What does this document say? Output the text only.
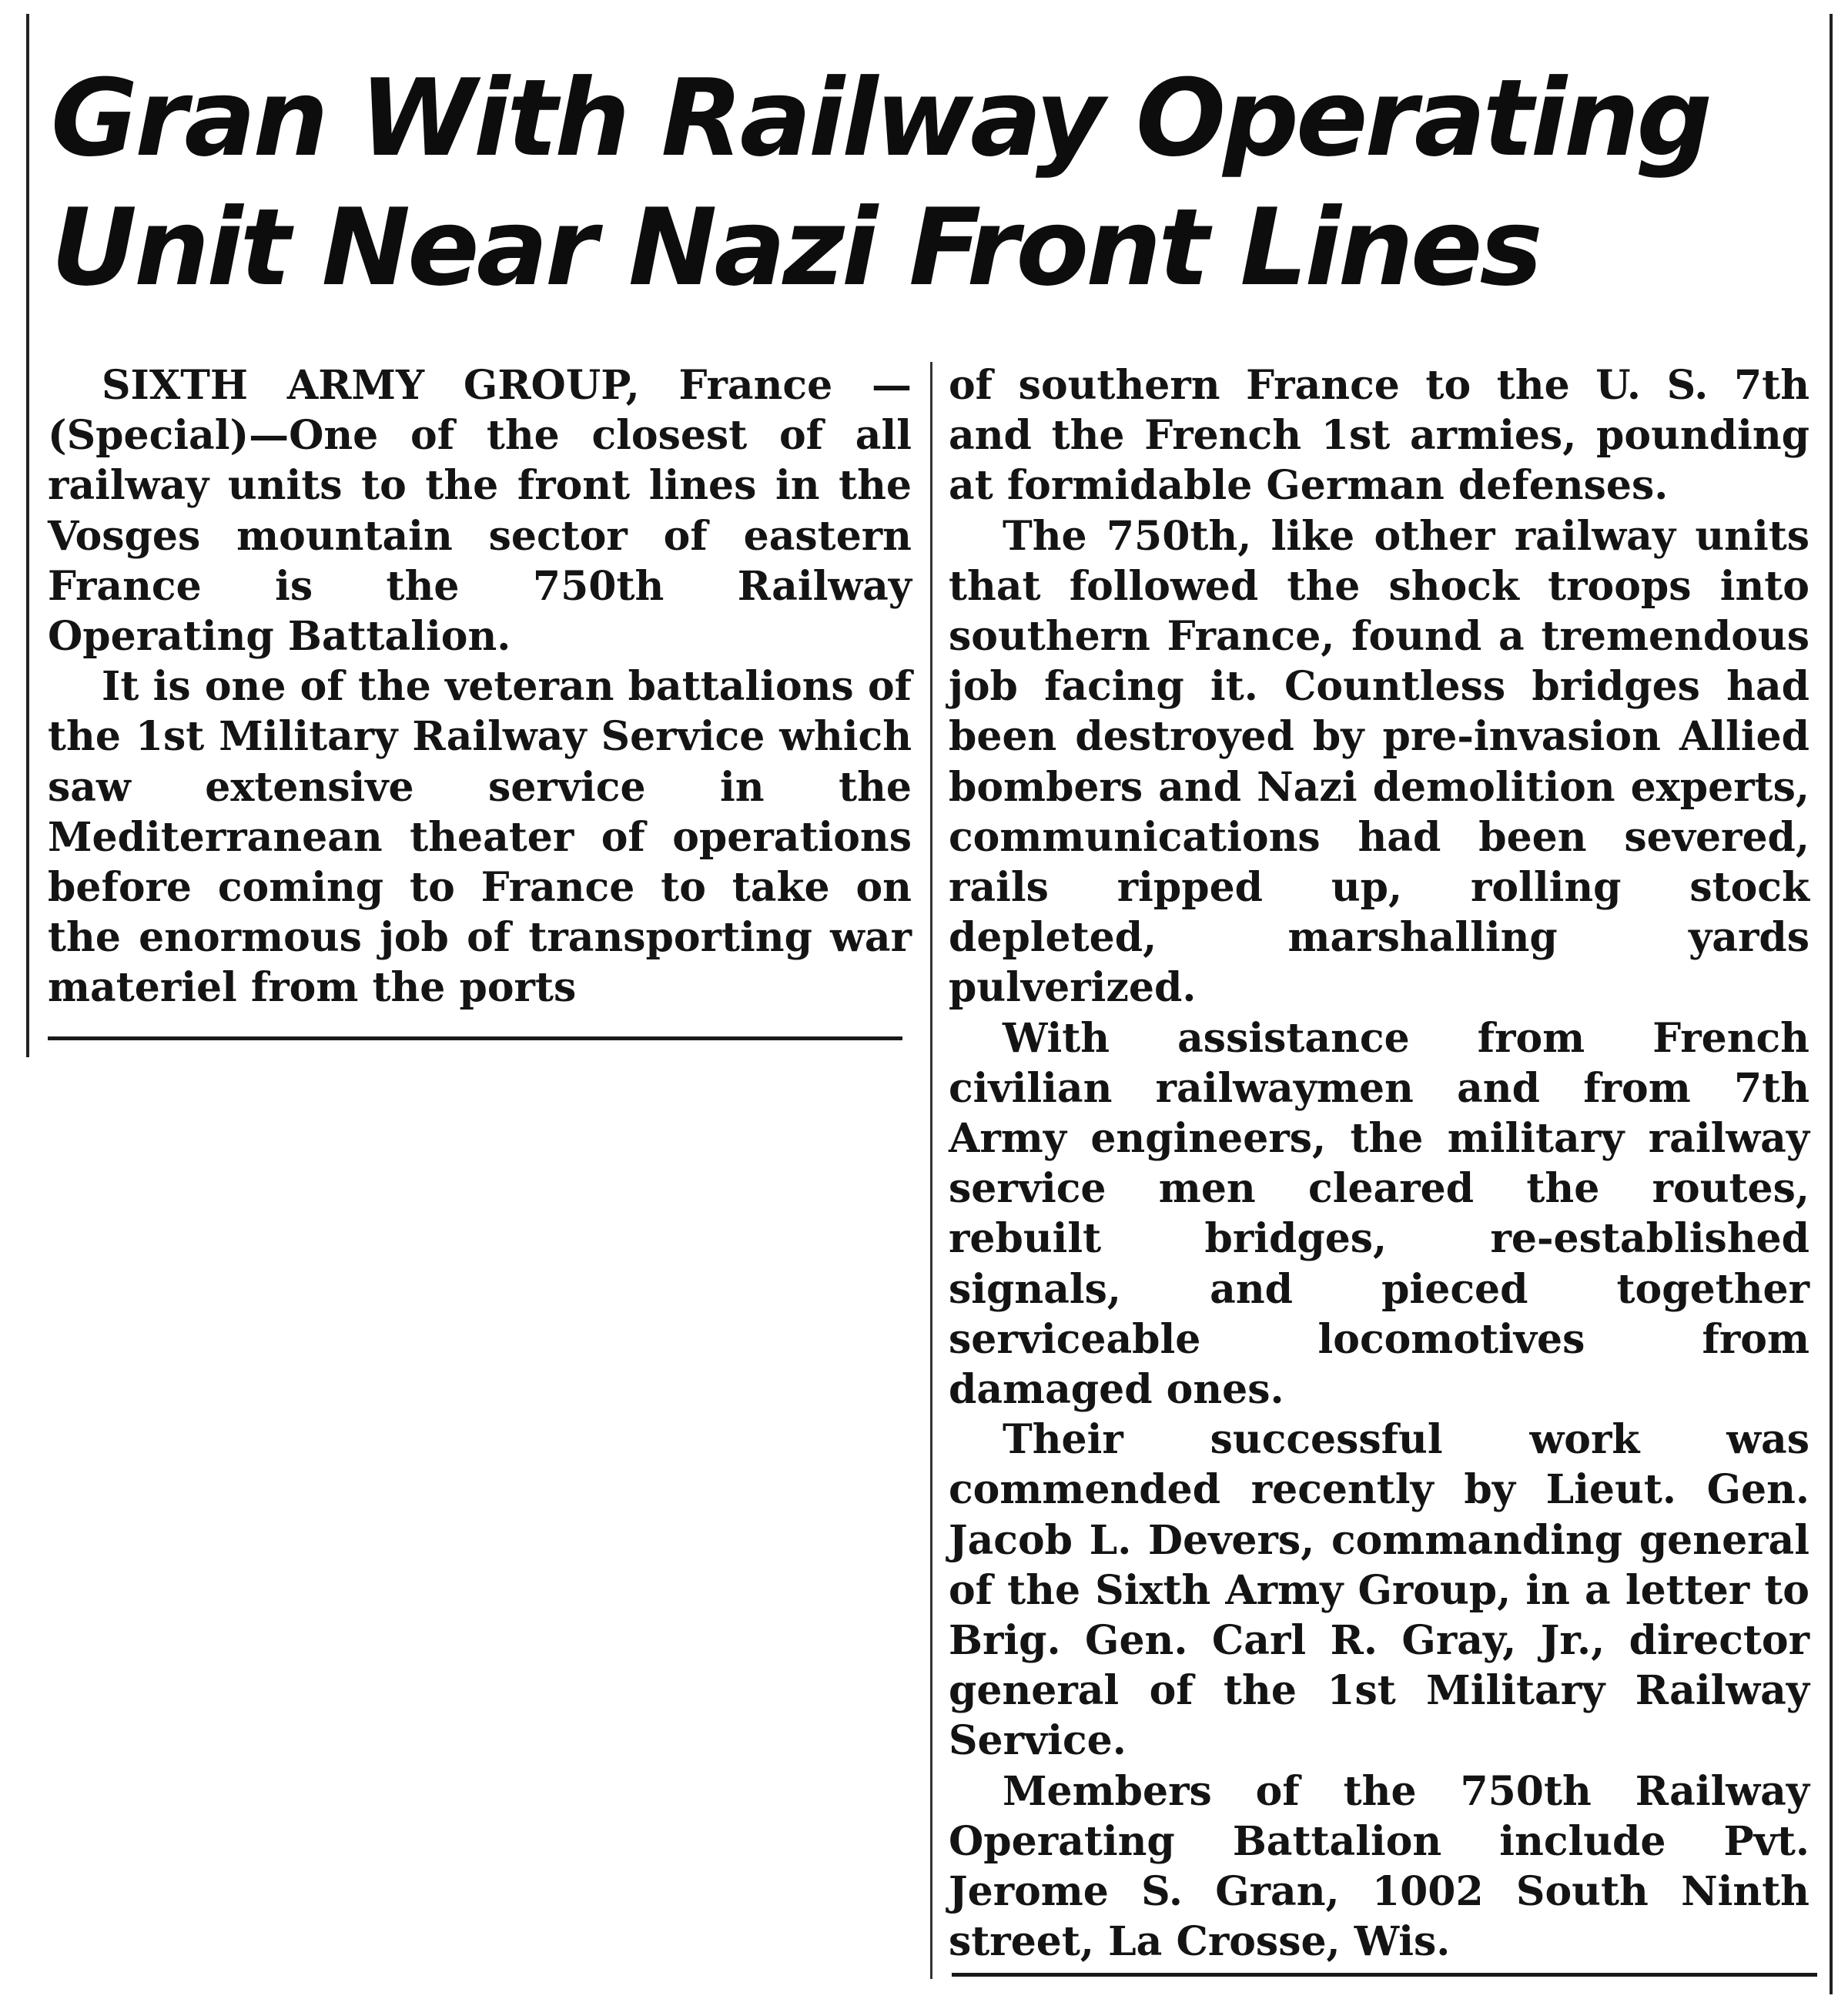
Gran With Railway Operating
Unit Near Nazi Front Lines

SIXTH ARMY GROUP, France —(Special)—One of the closest of all railway units to the front lines in the Vosges mountain sector of eastern France is the 750th Railway Operating Battalion.

It is one of the veteran battalions of the 1st Military Railway Service which saw extensive service in the Mediterranean theater of operations before coming to France to take on the enormous job of transporting war materiel from the ports

of southern France to the U. S. 7th and the French 1st armies, pounding at formidable German defenses.

The 750th, like other railway units that followed the shock troops into southern France, found a tremendous job facing it. Countless bridges had been destroyed by pre-invasion Allied bombers and Nazi demolition experts, communications had been severed, rails ripped up, rolling stock depleted, marshalling yards pulverized.

With assistance from French civilian railwaymen and from 7th Army engineers, the military railway service men cleared the routes, rebuilt bridges, re-established signals, and pieced together serviceable locomotives from damaged ones.

Their successful work was commended recently by Lieut. Gen. Jacob L. Devers, commanding general of the Sixth Army Group, in a letter to Brig. Gen. Carl R. Gray, Jr., director general of the 1st Military Railway Service.

Members of the 750th Railway Operating Battalion include Pvt. Jerome S. Gran, 1002 South Ninth street, La Crosse, Wis.
